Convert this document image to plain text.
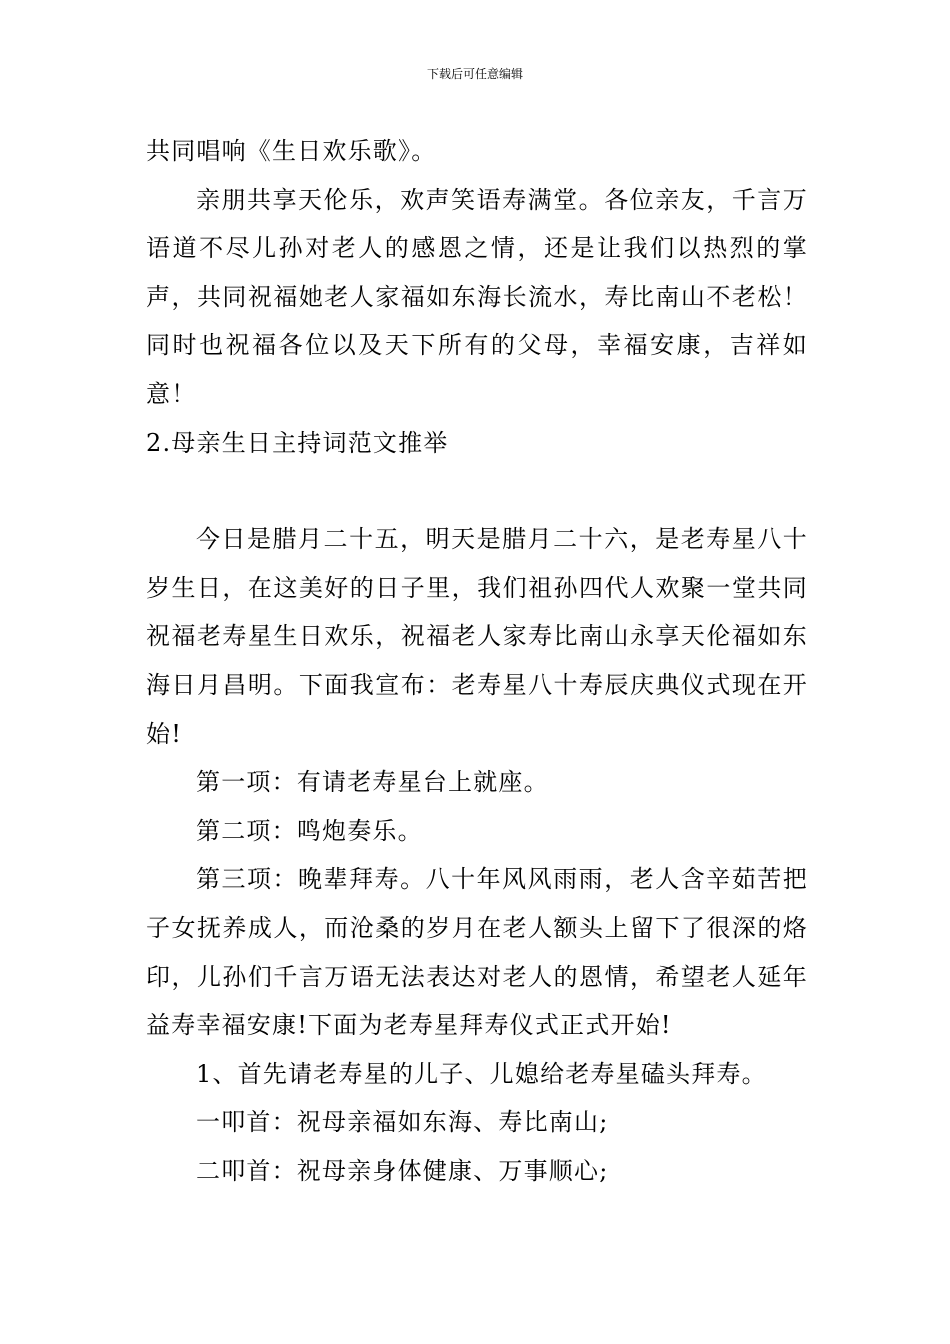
下载后可任意编辑

共同唱响《生日欢乐歌》。

亲朋共享天伦乐，欢声笑语寿满堂。各位亲友，千言万语道不尽儿孙对老人的感恩之情，还是让我们以热烈的掌声，共同祝福她老人家福如东海长流水，寿比南山不老松！同时也祝福各位以及天下所有的父母，幸福安康，吉祥如意！

2.母亲生日主持词范文推举

今日是腊月二十五，明天是腊月二十六，是老寿星八十岁生日，在这美好的日子里，我们祖孙四代人欢聚一堂共同祝福老寿星生日欢乐，祝福老人家寿比南山永享天伦福如东海日月昌明。下面我宣布：老寿星八十寿辰庆典仪式现在开始!

第一项：有请老寿星台上就座。

第二项：鸣炮奏乐。

第三项：晚辈拜寿。八十年风风雨雨，老人含辛茹苦把子女抚养成人，而沧桑的岁月在老人额头上留下了很深的烙印，儿孙们千言万语无法表达对老人的恩情，希望老人延年益寿幸福安康!下面为老寿星拜寿仪式正式开始!

1、首先请老寿星的儿子、儿媳给老寿星磕头拜寿。

一叩首：祝母亲福如东海、寿比南山;

二叩首：祝母亲身体健康、万事顺心;
